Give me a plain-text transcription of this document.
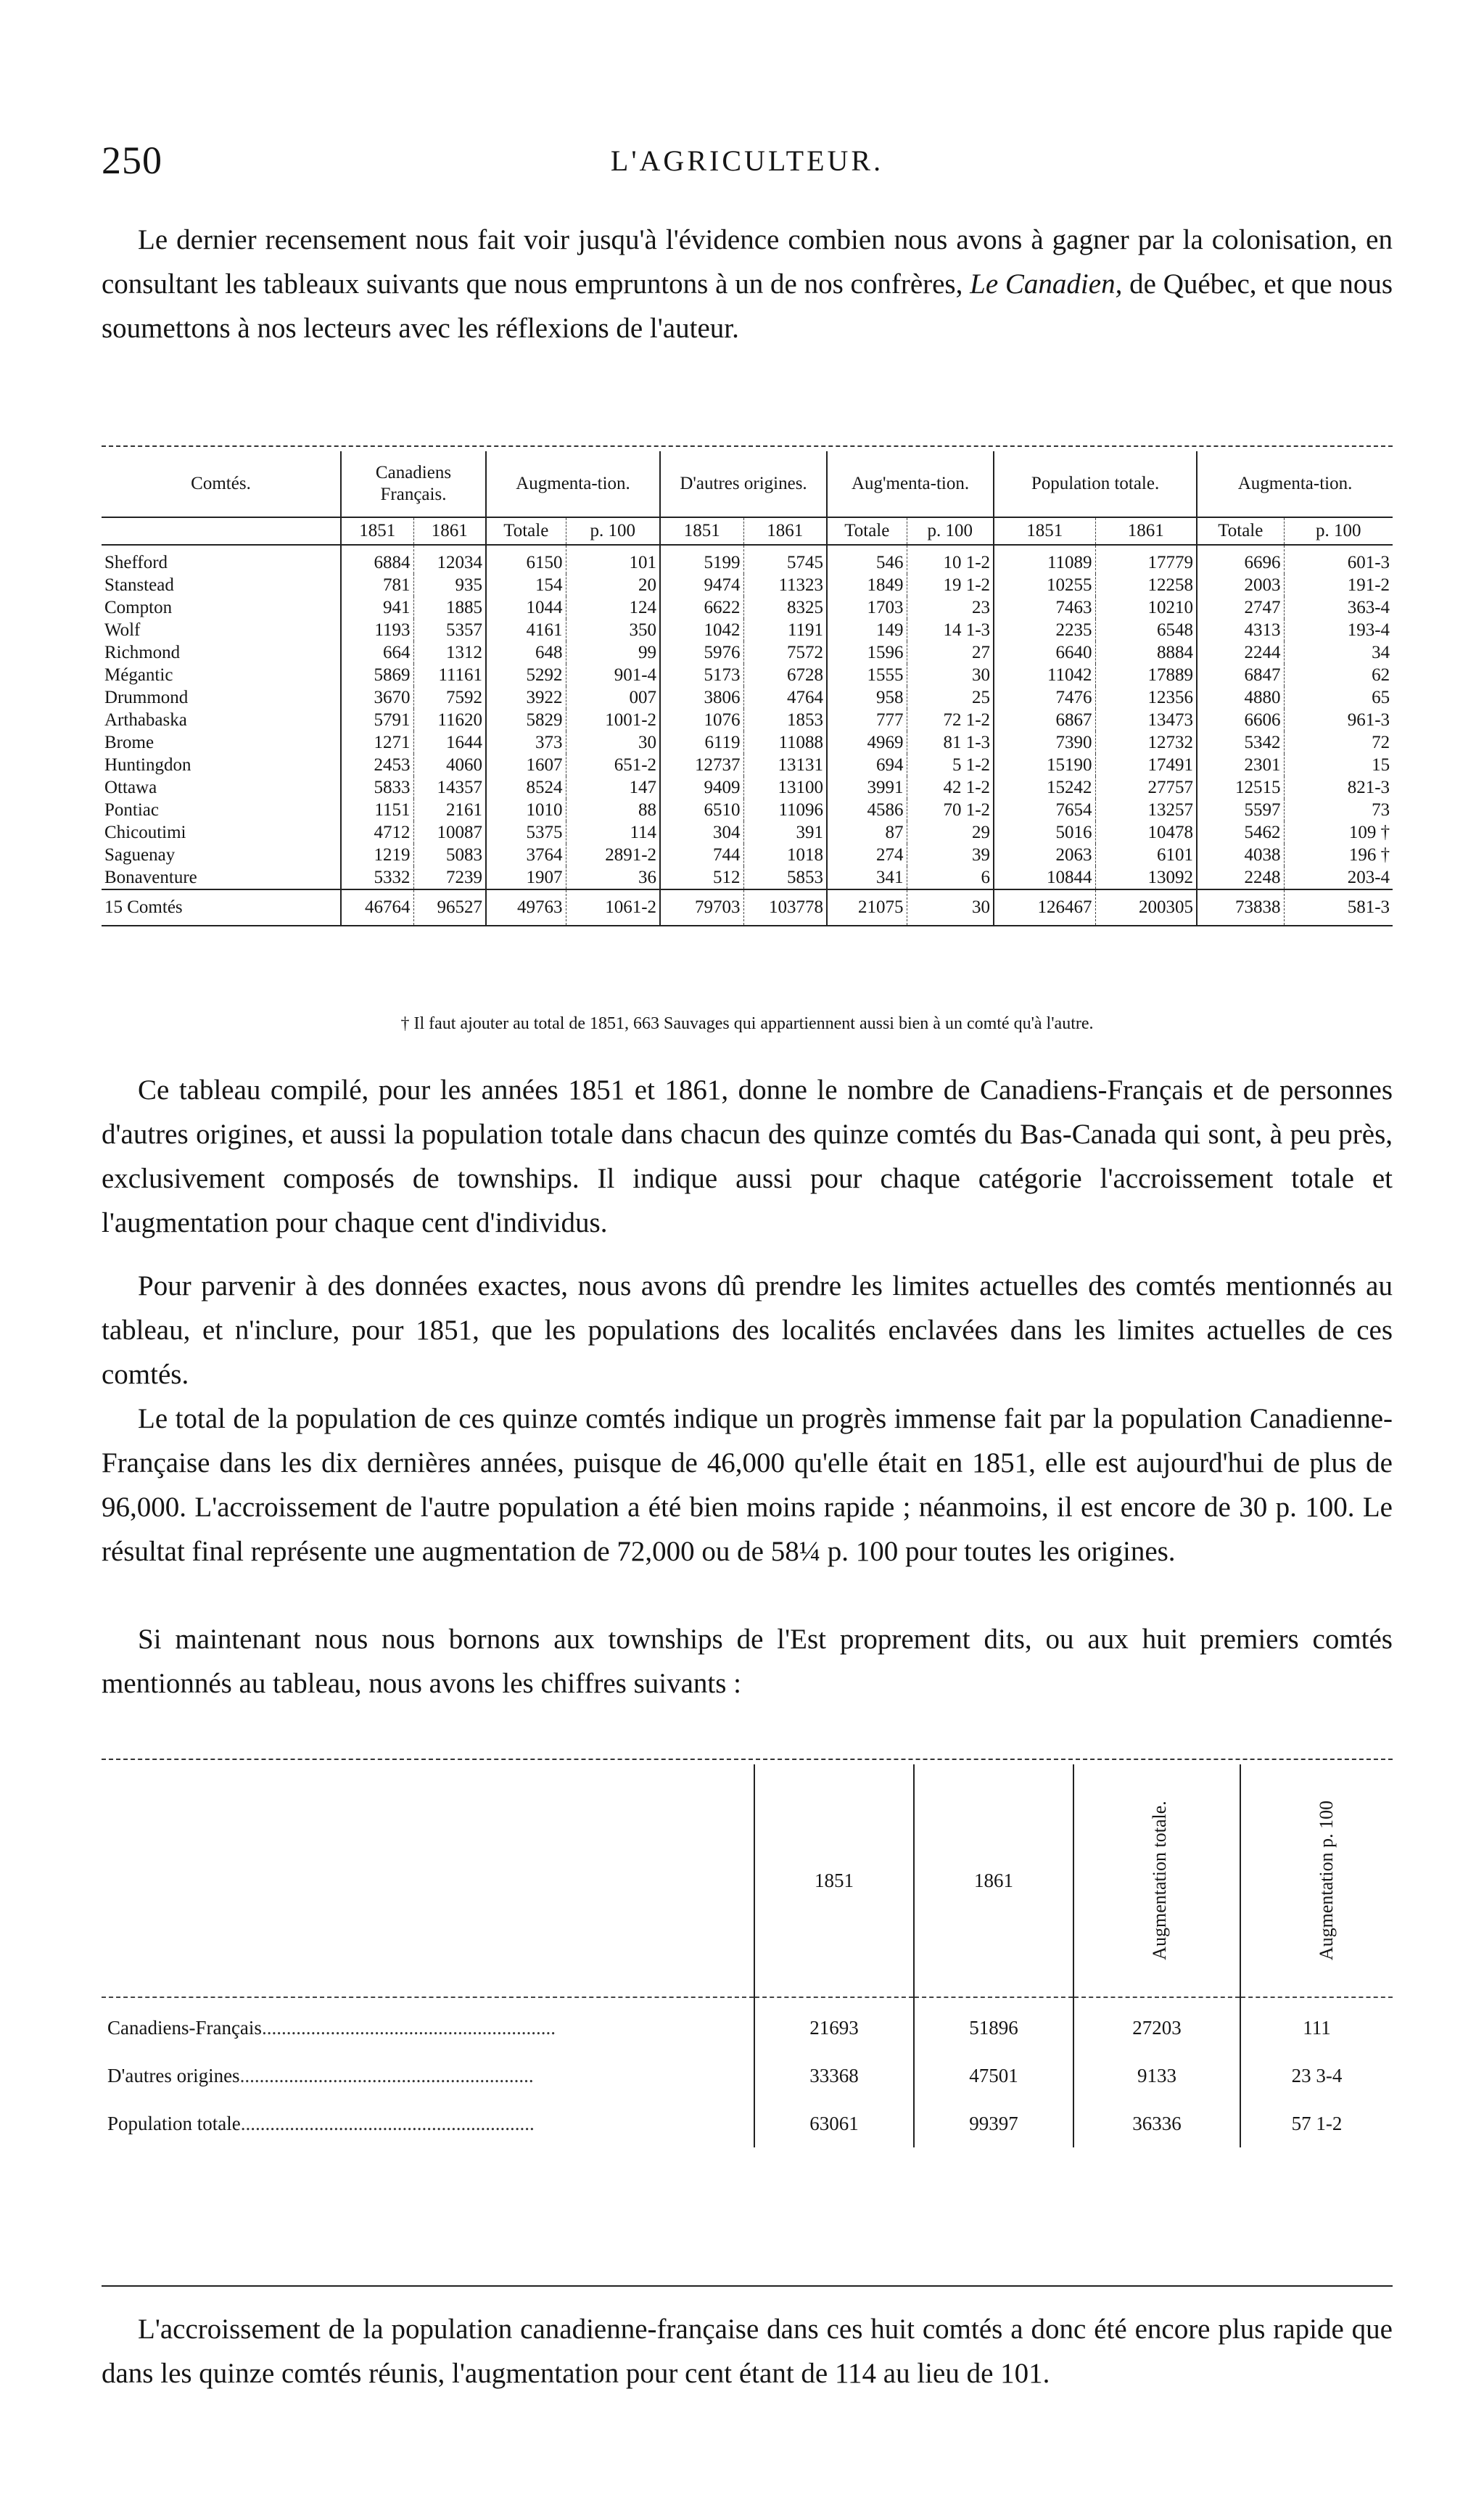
250	L'AGRICULTEUR.

Le dernier recensement nous fait voir jusqu'à l'évidence combien nous avons à gagner par la colonisation, en consultant les tableaux suivants que nous empruntons à un de nos confrères, Le Canadien, de Québec, et que nous soumettons à nos lecteurs avec les réflexions de l'auteur.

Comtés.	Canadiens Français.		Augmenta-tion.		D'autres origines.		Aug'menta-tion.		Population totale.		Augmenta-tion.	
	1851	1861	Totale	p. 100	1851	1861	Totale	p. 100	1851	1861	Totale	p. 100
Shefford	6884	12034	6150	101	5199	5745	546	10 1-2	11089	17779	6696	601-3
Stanstead	781	935	154	20	9474	11323	1849	19 1-2	10255	12258	2003	191-2
Compton	941	1885	1044	124	6622	8325	1703	23	7463	10210	2747	363-4
Wolf	1193	5357	4161	350	1042	1191	149	14 1-3	2235	6548	4313	193-4
Richmond	664	1312	648	99	5976	7572	1596	27	6640	8884	2244	34
Mégantic	5869	11161	5292	901-4	5173	6728	1555	30	11042	17889	6847	62
Drummond	3670	7592	3922	007	3806	4764	958	25	7476	12356	4880	65
Arthabaska	5791	11620	5829	1001-2	1076	1853	777	72 1-2	6867	13473	6606	961-3
Brome	1271	1644	373	30	6119	11088	4969	81 1-3	7390	12732	5342	72
Huntingdon	2453	4060	1607	651-2	12737	13131	694	5 1-2	15190	17491	2301	15
Ottawa	5833	14357	8524	147	9409	13100	3991	42 1-2	15242	27757	12515	821-3
Pontiac	1151	2161	1010	88	6510	11096	4586	70 1-2	7654	13257	5597	73
Chicoutimi	4712	10087	5375	114	304	391	87	29	5016	10478	5462	109 †
Saguenay	1219	5083	3764	2891-2	744	1018	274	39	2063	6101	4038	196 †
Bonaventure	5332	7239	1907	36	512	5853	341	6	10844	13092	2248	203-4
15 Comtés	46764	96527	49763	1061-2	79703	103778	21075	30	126467	200305	73838	581-3
† Il faut ajouter au total de 1851, 663 Sauvages qui appartiennent aussi bien à un comté qu'à l'autre.

Ce tableau compilé, pour les années 1851 et 1861, donne le nombre de Canadiens-Français et de personnes d'autres origines, et aussi la population totale dans chacun des quinze comtés du Bas-Canada qui sont, à peu près, exclusivement composés de townships. Il indique aussi pour chaque catégorie l'accroissement totale et l'augmentation pour chaque cent d'individus.

Pour parvenir à des données exactes, nous avons dû prendre les limites actuelles des comtés mentionnés au tableau, et n'inclure, pour 1851, que les populations des localités enclavées dans les limites actuelles de ces comtés.

Le total de la population de ces quinze comtés indique un progrès immense fait par la population Canadienne-Française dans les dix dernières années, puisque de 46,000 qu'elle était en 1851, elle est aujourd'hui de plus de 96,000. L'accroissement de l'autre population a été bien moins rapide ; néanmoins, il est encore de 30 p. 100. Le résultat final représente une augmentation de 72,000 ou de 58¼ p. 100 pour toutes les origines.

Si maintenant nous nous bornons aux townships de l'Est proprement dits, ou aux huit premiers comtés mentionnés au tableau, nous avons les chiffres suivants :

	1851	1861	Augmentation totale.	Augmentation p. 100
Canadiens-Français............................................................	21693	51896	27203	111
D'autres origines............................................................	33368	47501	9133	23 3-4
Population totale............................................................	63061	99397	36336	57 1-2

L'accroissement de la population canadienne-française dans ces huit comtés a donc été encore plus rapide que dans les quinze comtés réunis, l'augmentation pour cent étant de 114 au lieu de 101.
